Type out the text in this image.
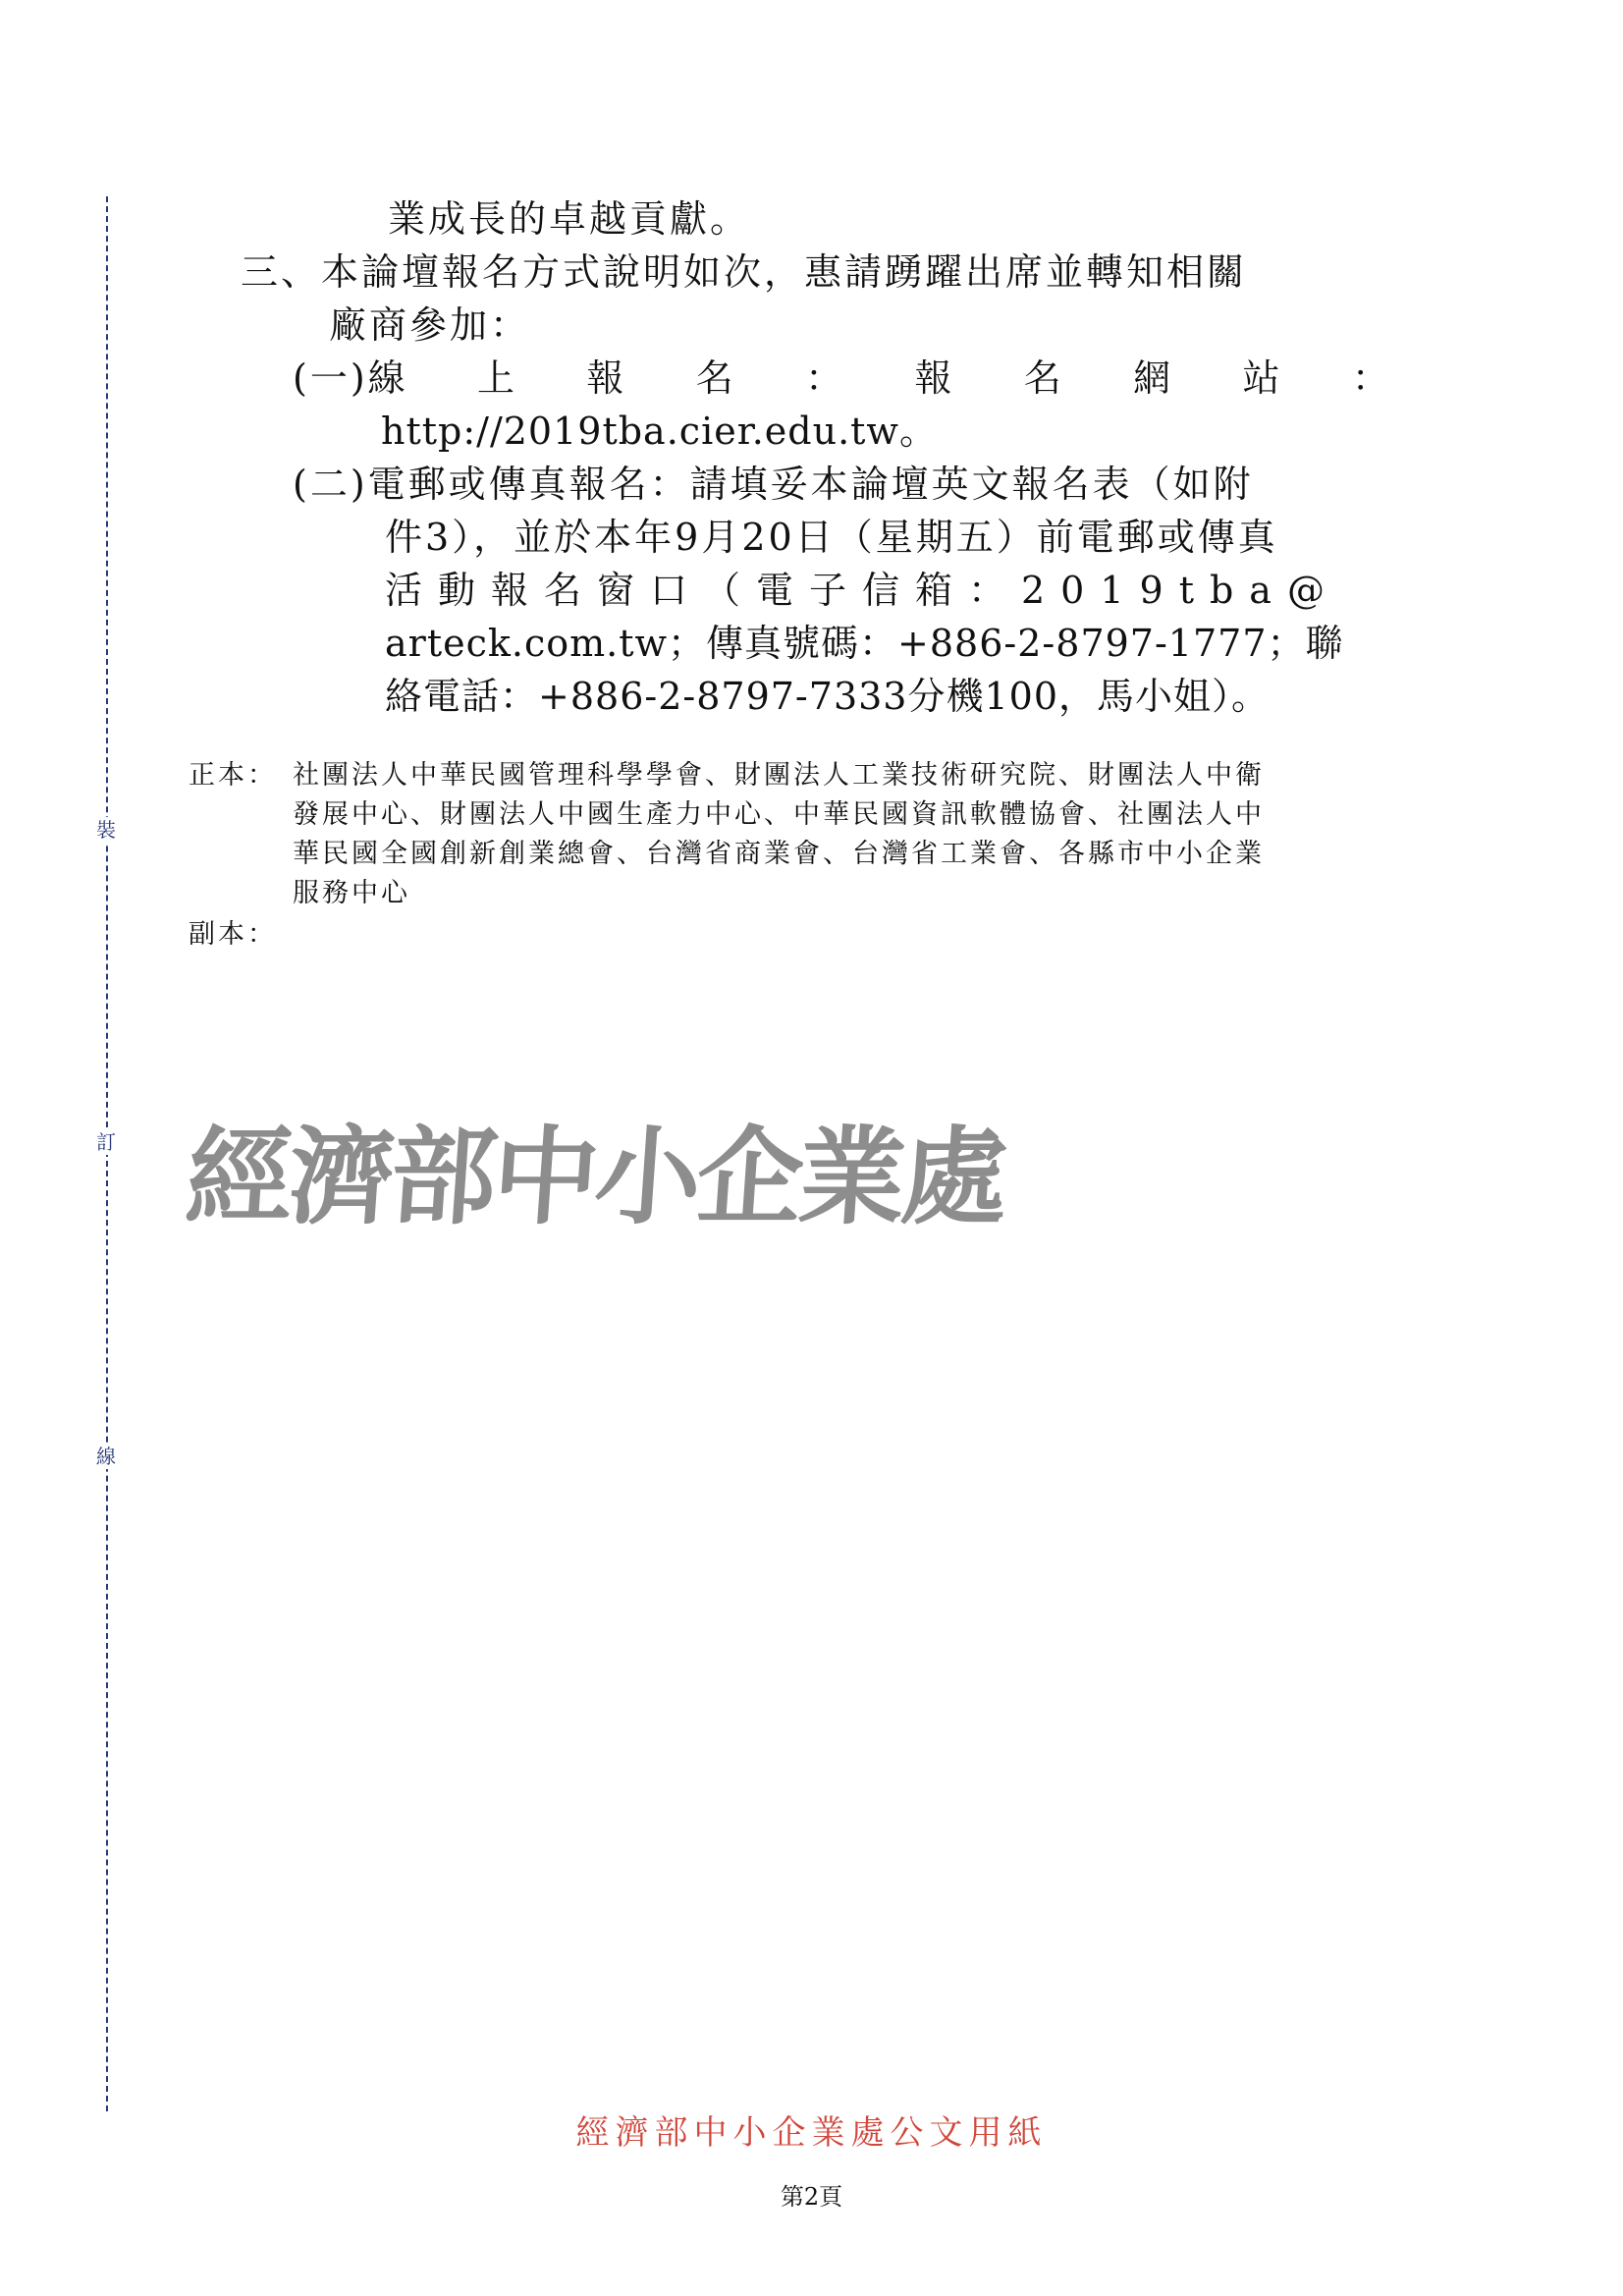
裝
訂
線
業成長的卓越貢獻。
三、本論壇報名方式說明如次，惠請踴躍出席並轉知相關
廠商參加：
(一)線 上 報 名 ： 報 名 網 站 ：
http://2019tba.cier.edu.tw。
(二)電郵或傳真報名：請填妥本論壇英文報名表（如附
件3），並於本年9月20日（星期五）前電郵或傳真
活動報名窗口（電子信箱：2019tba@
arteck.com.tw；傳真號碼：+886-2-8797-1777；聯
絡電話：+886-2-8797-7333分機100，馬小姐）。
正本： 社團法人中華民國管理科學學會、財團法人工業技術研究院、財團法人中衛
發展中心、財團法人中國生產力中心、中華民國資訊軟體協會、社團法人中
華民國全國創新創業總會、台灣省商業會、台灣省工業會、各縣市中小企業
服務中心
副本：
經濟部中小企業處
經濟部中小企業處公文用紙
第2頁
